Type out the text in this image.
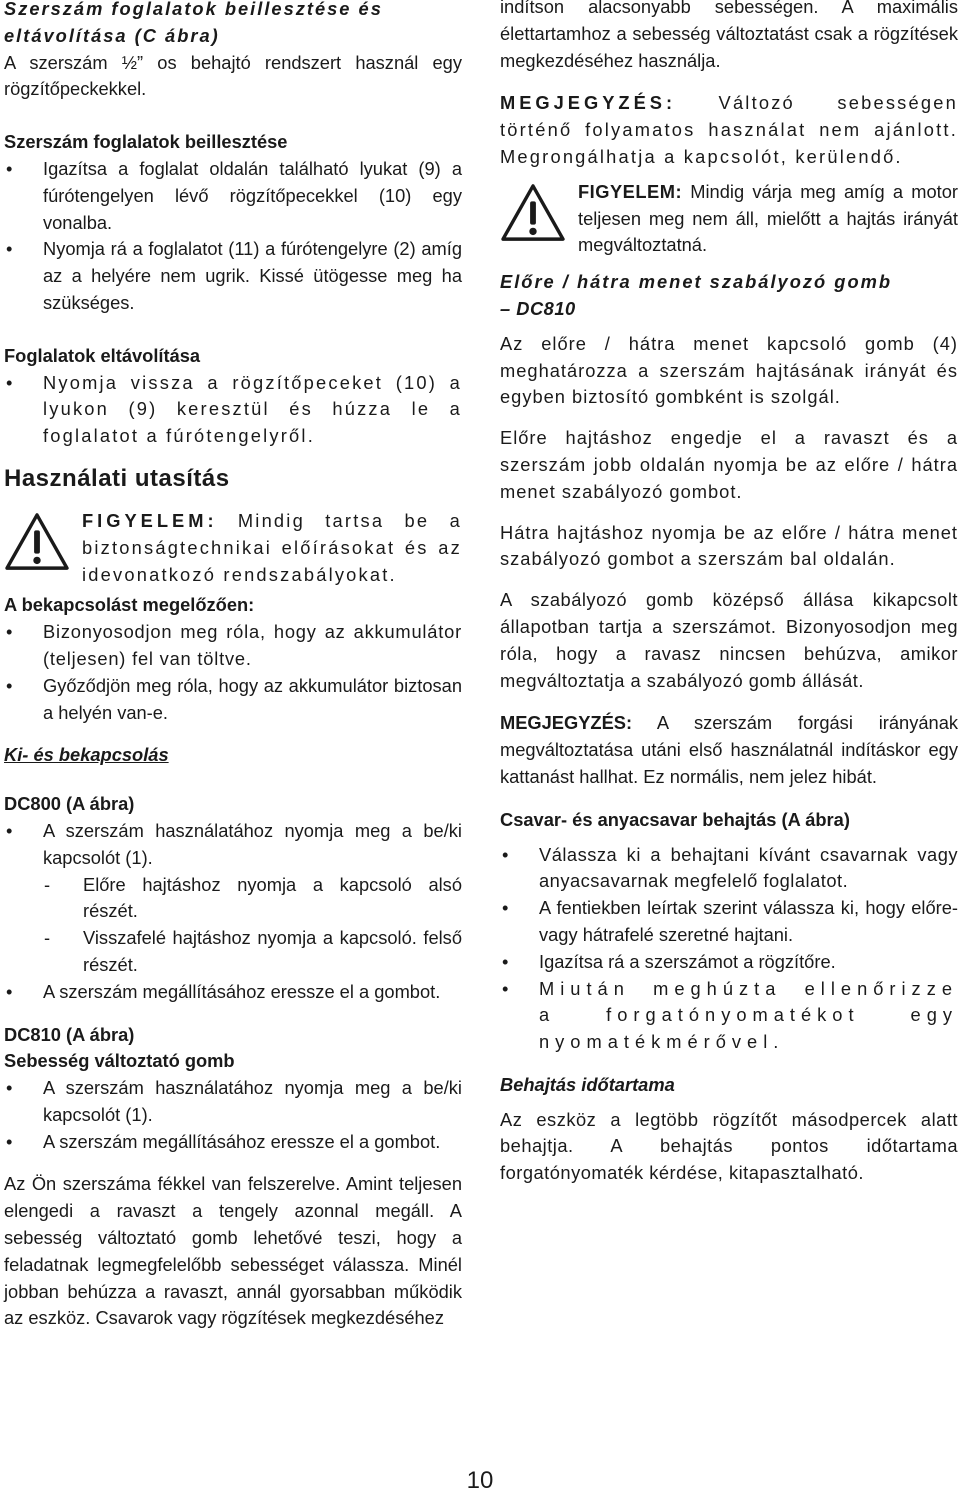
Szerszám foglalatok beillesztése és
eltávolítása (C ábra)
A szerszám ½” os behajtó rendszert használ egy rögzítőpeckekkel.
Szerszám foglalatok beillesztése
• Igazítsa a foglalat oldalán található lyukat (9) a fúrótengelyen lévő rögzítőpecekkel (10) egy vonalba.
• Nyomja rá a foglalatot (11) a fúrótengelyre (2) amíg az a helyére nem ugrik. Kissé ütögesse meg ha szükséges.
Foglalatok eltávolítása
• Nyomja vissza a rögzítőpeceket (10) a lyukon (9) keresztül és húzza le a foglalatot a fúrótengelyről.
Használati utasítás
FIGYELEM: Mindig tartsa be a biztonságtechnikai előírásokat és az idevonatkozó rendszabályokat.
A bekapcsolást megelőzően:
• Bizonyosodjon meg róla, hogy az akkumulátor (teljesen) fel van töltve.
• Győződjön meg róla, hogy az akkumulátor biztosan a helyén van-e.
Ki- és bekapcsolás
DC800 (A ábra)
• A szerszám használatához nyomja meg a be/ki kapcsolót (1).
- Előre hajtáshoz nyomja a kapcsoló alsó részét.
- Visszafelé hajtáshoz nyomja a kapcsoló. felső részét.
• A szerszám megállításához eressze el a gombot.
DC810 (A ábra)
Sebesség változtató gomb
• A szerszám használatához nyomja meg a be/ki kapcsolót (1).
• A szerszám megállításához eressze el a gombot.
Az Ön szerszáma fékkel van felszerelve. Amint teljesen elengedi a ravaszt a tengely azonnal megáll. A sebesség változtató gomb lehetővé teszi, hogy a feladatnak legmegfelelőbb sebességet válassza. Minél jobban behúzza a ravaszt, annál gyorsabban működik az eszköz. Csavarok vagy rögzítések megkezdéséhez
indítson alacsonyabb sebességen. A maximális élettartamhoz a sebesség változtatást csak a rögzítések megkezdéséhez használja.
MEGJEGYZÉS: Változó sebességen történő folyamatos használat nem ajánlott. Megrongálhatja a kapcsolót, kerülendő.
FIGYELEM: Mindig várja meg amíg a motor teljesen meg nem áll, mielőtt a hajtás irányát megváltoztatná.
Előre / hátra menet szabályozó gomb
– DC810
Az előre / hátra menet kapcsoló gomb (4) meghatározza a szerszám hajtásának irányát és egyben biztosító gombként is szolgál.
Előre hajtáshoz engedje el a ravaszt és a szerszám jobb oldalán nyomja be az előre / hátra menet szabályozó gombot.
Hátra hajtáshoz nyomja be az előre / hátra menet szabályozó gombot a szerszám bal oldalán.
A szabályozó gomb középső állása kikapcsolt állapotban tartja a szerszámot. Bizonyosodjon meg róla, hogy a ravasz nincsen behúzva, amikor megváltoztatja a szabályozó gomb állását.
MEGJEGYZÉS: A szerszám forgási irányának megváltoztatása utáni első használatnál indításkor egy kattanást hallhat. Ez normális, nem jelez hibát.
Csavar- és anyacsavar behajtás (A ábra)
• Válassza ki a behajtani kívánt csavarnak vagy anyacsavarnak megfelelő foglalatot.
• A fentiekben leírtak szerint válassza ki, hogy előre- vagy hátrafelé szeretné hajtani.
• Igazítsa rá a szerszámot a rögzítőre.
• Miután meghúzta ellenőrizze a forgatónyomatékot egy nyomatékmérővel.
Behajtás időtartama
Az eszköz a legtöbb rögzítőt másodpercek alatt behajtja. A behajtás pontos időtartama forgatónyomaték kérdése, kitapasztalható.
10
